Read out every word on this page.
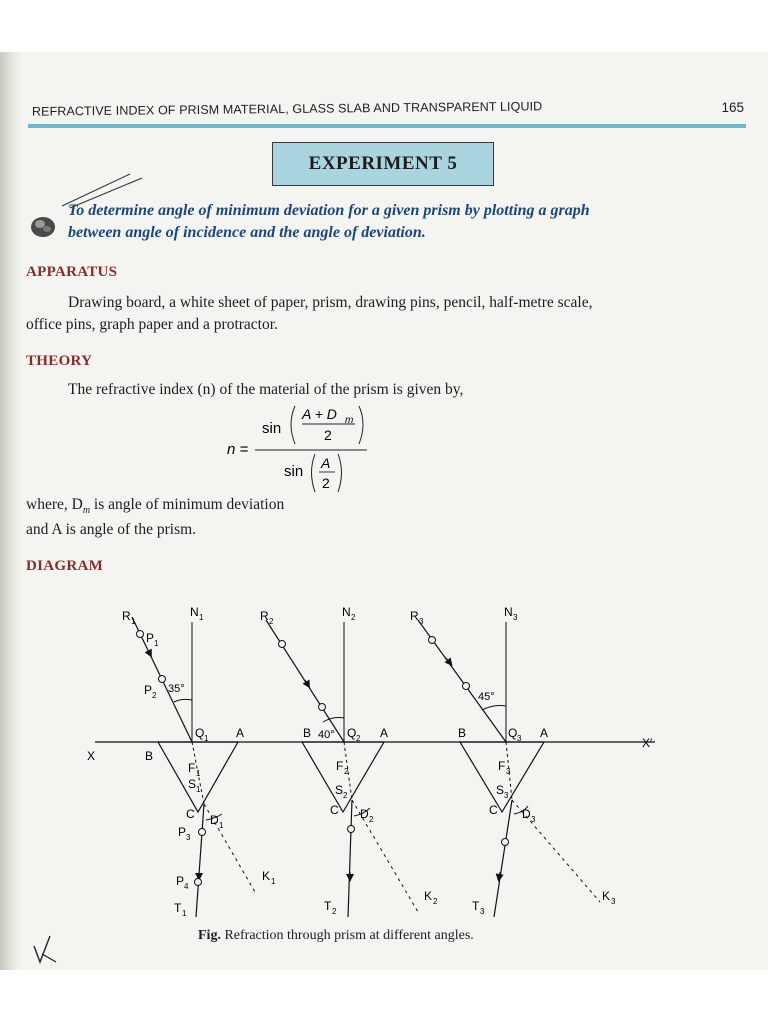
REFRACTIVE INDEX OF PRISM MATERIAL, GLASS SLAB AND TRANSPARENT LIQUID	165
EXPERIMENT 5
To determine angle of minimum deviation for a given prism by plotting a graph
between angle of incidence and the angle of deviation.
APPARATUS
Drawing board, a white sheet of paper, prism, drawing pins, pencil, half-metre scale,
office pins, graph paper and a protractor.
THEORY
The refractive index (n) of the material of the prism is given by,
n =
sin
A + D m
2
sin A
2
where, $D_m$ is angle of minimum deviation
and A is angle of the prism.
DIAGRAM
X
X′
R 1
N 1
P 1
P 2
35°
Q 1 A
B
F 1
S 1
C D 1
P 3
P 4
K 1
T 1
R 2
N 2
40° Q 2 A
B
F 2
S 2
C D 2
K 2
T 2
R 3
N 3
45°
Q 3 A
B
F 3
S 3
C D 3
K 3
T 3
Fig. Refraction through prism at different angles.
